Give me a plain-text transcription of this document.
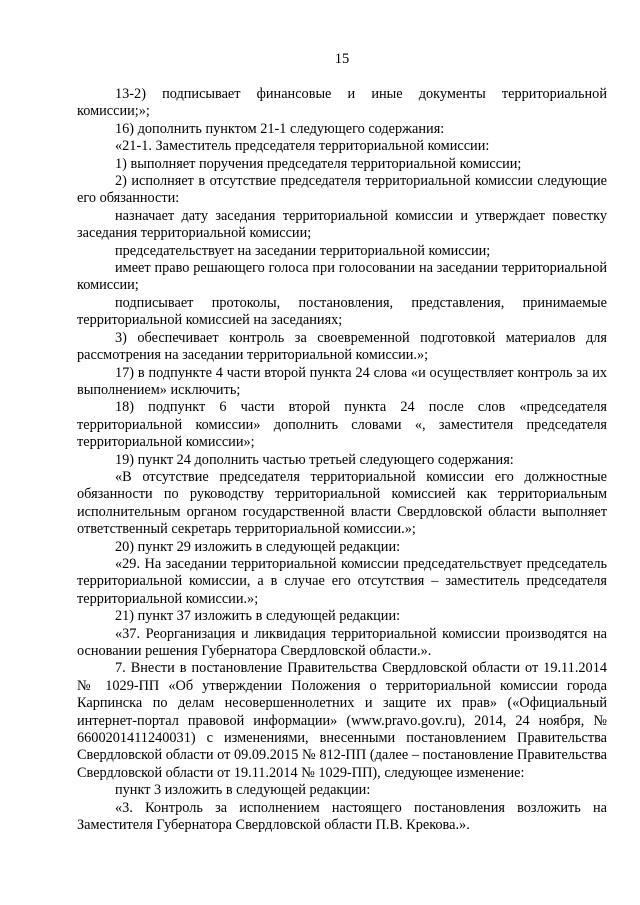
15

13-2) подписывает финансовые и иные документы территориальной комиссии;»;

16) дополнить пунктом 21-1 следующего содержания:

«21-1. Заместитель председателя территориальной комиссии:

1) выполняет поручения председателя территориальной комиссии;

2) исполняет в отсутствие председателя территориальной комиссии следующие его обязанности:

назначает дату заседания территориальной комиссии и утверждает повестку заседания территориальной комиссии;

председательствует на заседании территориальной комиссии;

имеет право решающего голоса при голосовании на заседании территориальной комиссии;

подписывает протоколы, постановления, представления, принимаемые территориальной комиссией на заседаниях;

3) обеспечивает контроль за своевременной подготовкой материалов для рассмотрения на заседании территориальной комиссии.»;

17) в подпункте 4 части второй пункта 24 слова «и осуществляет контроль за их выполнением» исключить;

18) подпункт 6 части второй пункта 24 после слов «председателя территориальной комиссии» дополнить словами «, заместителя председателя территориальной комиссии»;

19) пункт 24 дополнить частью третьей следующего содержания:

«В отсутствие председателя территориальной комиссии его должностные обязанности по руководству территориальной комиссией как территориальным исполнительным органом государственной власти Свердловской области выполняет ответственный секретарь территориальной комиссии.»;

20) пункт 29 изложить в следующей редакции:

«29. На заседании территориальной комиссии председательствует председатель территориальной комиссии, а в случае его отсутствия – заместитель председателя территориальной комиссии.»;

21) пункт 37 изложить в следующей редакции:

«37. Реорганизация и ликвидация территориальной комиссии производятся на основании решения Губернатора Свердловской области.».

7. Внести в постановление Правительства Свердловской области от 19.11.2014 № 1029-ПП «Об утверждении Положения о территориальной комиссии города Карпинска по делам несовершеннолетних и защите их прав» («Официальный интернет-портал правовой информации» (www.pravo.gov.ru), 2014, 24 ноября, № 6600201411240031) с изменениями, внесенными постановлением Правительства Свердловской области от 09.09.2015 № 812-ПП (далее – постановление Правительства Свердловской области от 19.11.2014 № 1029-ПП), следующее изменение:

пункт 3 изложить в следующей редакции:

«3. Контроль за исполнением настоящего постановления возложить на Заместителя Губернатора Свердловской области П.В. Крекова.».
